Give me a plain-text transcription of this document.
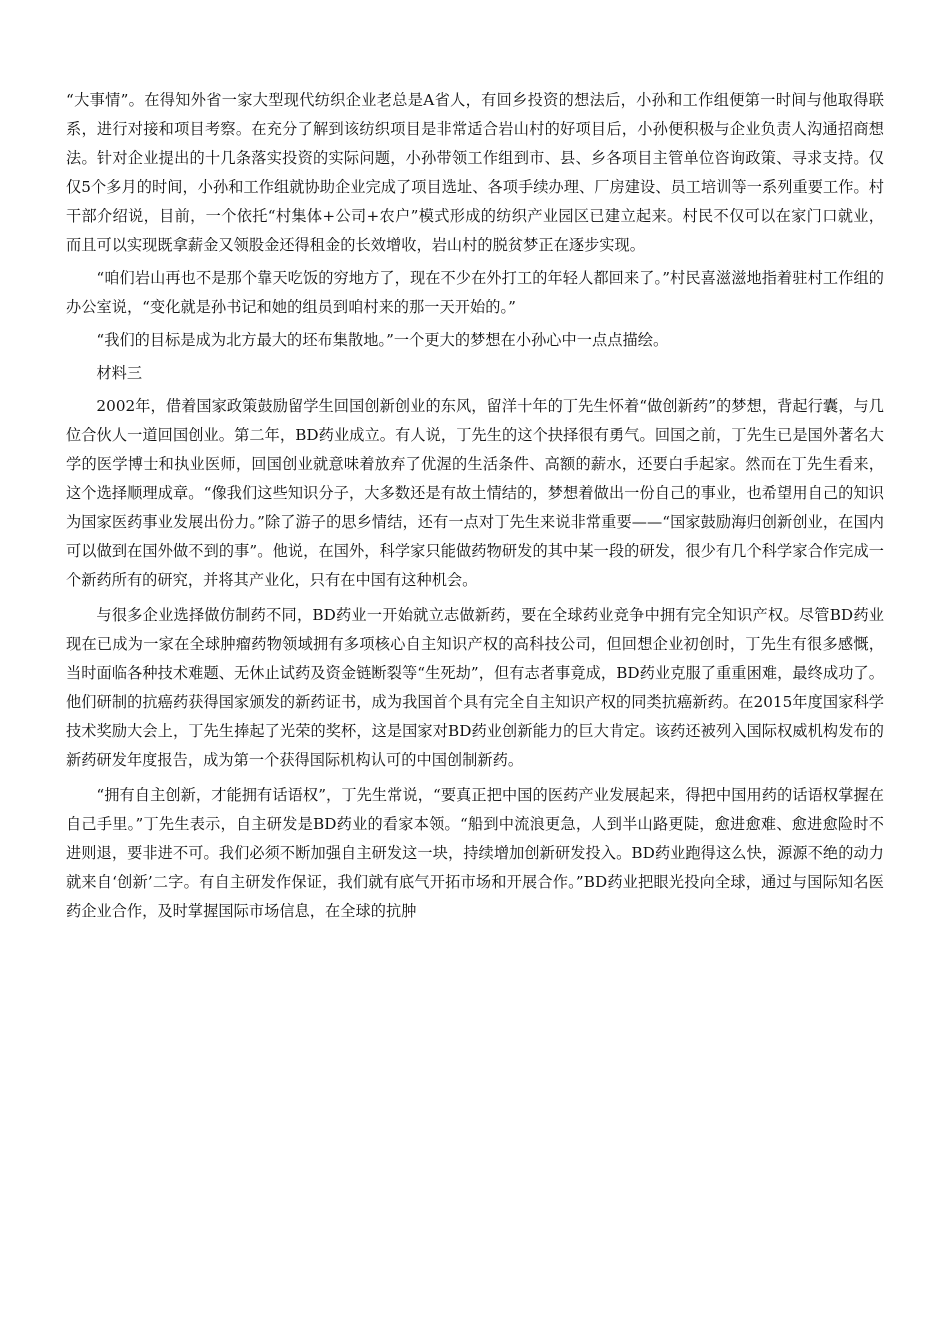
“大事情”。在得知外省一家大型现代纺织企业老总是A省人，有回乡投资的想法后，小孙和工作组便第一时间与他取得联系，进行对接和项目考察。在充分了解到该纺织项目是非常适合岩山村的好项目后，小孙便积极与企业负责人沟通招商想法。针对企业提出的十几条落实投资的实际问题，小孙带领工作组到市、县、乡各项目主管单位咨询政策、寻求支持。仅仅5个多月的时间，小孙和工作组就协助企业完成了项目选址、各项手续办理、厂房建设、员工培训等一系列重要工作。村干部介绍说，目前，一个依托“村集体+公司+农户”模式形成的纺织产业园区已建立起来。村民不仅可以在家门口就业，而且可以实现既拿薪金又领股金还得租金的长效增收，岩山村的脱贫梦正在逐步实现。

“咱们岩山再也不是那个靠天吃饭的穷地方了，现在不少在外打工的年轻人都回来了。”村民喜滋滋地指着驻村工作组的办公室说，“变化就是孙书记和她的组员到咱村来的那一天开始的。”

“我们的目标是成为北方最大的坯布集散地。”一个更大的梦想在小孙心中一点点描绘。

材料三

2002年，借着国家政策鼓励留学生回国创新创业的东风，留洋十年的丁先生怀着“做创新药”的梦想，背起行囊，与几位合伙人一道回国创业。第二年，BD药业成立。有人说，丁先生的这个抉择很有勇气。回国之前，丁先生已是国外著名大学的医学博士和执业医师，回国创业就意味着放弃了优渥的生活条件、高额的薪水，还要白手起家。然而在丁先生看来，这个选择顺理成章。“像我们这些知识分子，大多数还是有故土情结的，梦想着做出一份自己的事业，也希望用自己的知识为国家医药事业发展出份力。”除了游子的思乡情结，还有一点对丁先生来说非常重要——“国家鼓励海归创新创业，在国内可以做到在国外做不到的事”。他说，在国外，科学家只能做药物研发的其中某一段的研发，很少有几个科学家合作完成一个新药所有的研究，并将其产业化，只有在中国有这种机会。

与很多企业选择做仿制药不同，BD药业一开始就立志做新药，要在全球药业竞争中拥有完全知识产权。尽管BD药业现在已成为一家在全球肿瘤药物领域拥有多项核心自主知识产权的高科技公司，但回想企业初创时，丁先生有很多感慨，当时面临各种技术难题、无休止试药及资金链断裂等“生死劫”，但有志者事竟成，BD药业克服了重重困难，最终成功了。他们研制的抗癌药获得国家颁发的新药证书，成为我国首个具有完全自主知识产权的同类抗癌新药。在2015年度国家科学技术奖励大会上，丁先生捧起了光荣的奖杯，这是国家对BD药业创新能力的巨大肯定。该药还被列入国际权威机构发布的新药研发年度报告，成为第一个获得国际机构认可的中国创制新药。

“拥有自主创新，才能拥有话语权”，丁先生常说，“要真正把中国的医药产业发展起来，得把中国用药的话语权掌握在自己手里。”丁先生表示，自主研发是BD药业的看家本领。“船到中流浪更急，人到半山路更陡，愈进愈难、愈进愈险时不进则退，要非进不可。我们必须不断加强自主研发这一块，持续增加创新研发投入。BD药业跑得这么快，源源不绝的动力就来自‘创新’二字。有自主研发作保证，我们就有底气开拓市场和开展合作。”BD药业把眼光投向全球，通过与国际知名医药企业合作，及时掌握国际市场信息，在全球的抗肿
